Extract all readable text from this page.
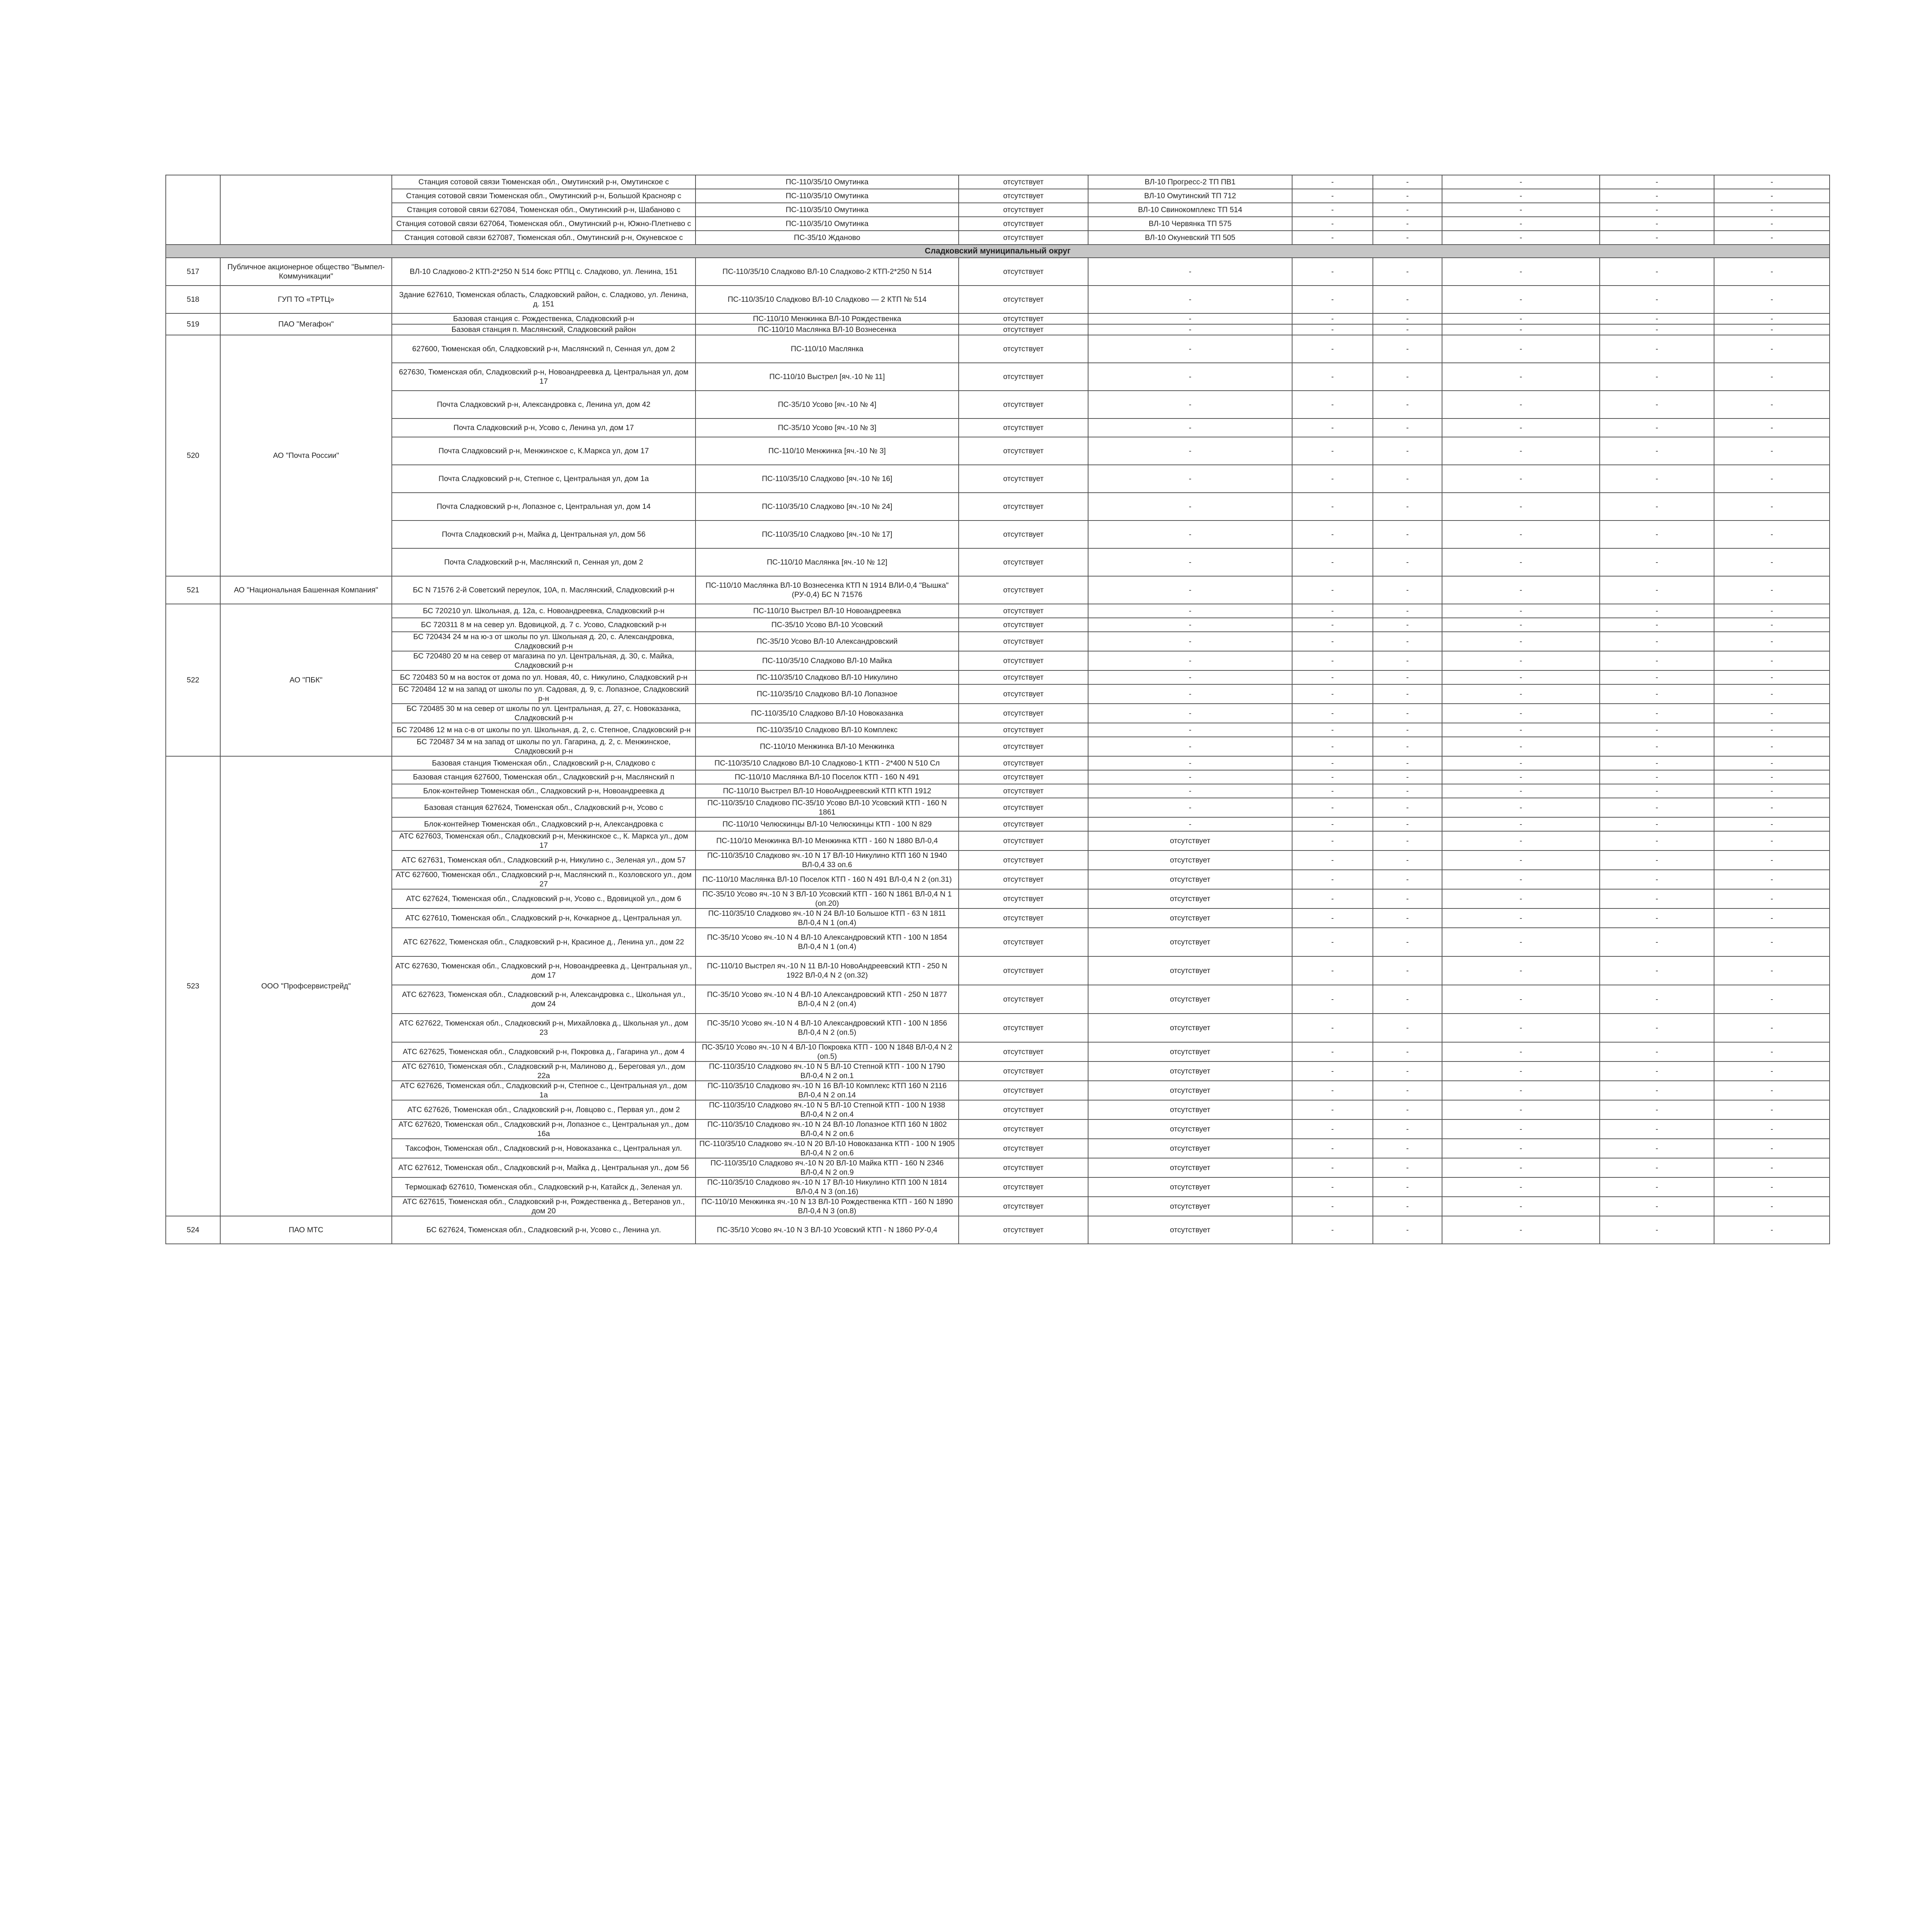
		Станция сотовой связи Тюменская обл., Омутинский р-н, Омутинское с	ПС-110/35/10 Омутинка	отсутствует	ВЛ-10 Прогресс-2 ТП ПВ1	-	-	-	-	-
		Станция сотовой связи Тюменская обл., Омутинский р-н, Большой Краснояр с	ПС-110/35/10 Омутинка	отсутствует	ВЛ-10 Омутинский ТП 712	-	-	-	-	-
		Станция сотовой связи 627084, Тюменская обл., Омутинский р-н, Шабаново с	ПС-110/35/10 Омутинка	отсутствует	ВЛ-10 Свинокомплекс ТП 514	-	-	-	-	-
		Станция сотовой связи 627064, Тюменская обл., Омутинский р-н, Южно-Плетнево с	ПС-110/35/10 Омутинка	отсутствует	ВЛ-10 Червянка ТП 575	-	-	-	-	-
		Станция сотовой связи 627087, Тюменская обл., Омутинский р-н, Окуневское с	ПС-35/10 Жданово	отсутствует	ВЛ-10 Окуневский ТП 505	-	-	-	-	-
Сладковский муниципальный округ										
517	Публичное акционерное общество "Вымпел-Коммуникации"	ВЛ-10 Сладково-2 КТП-2*250 N 514 бокс РТПЦ с. Сладково, ул. Ленина, 151	ПС-110/35/10 Сладково ВЛ-10 Сладково-2 КТП-2*250 N 514	отсутствует	-	-	-	-	-	-
518	ГУП ТО «ТРТЦ»	Здание 627610, Тюменская область, Сладковский район, с. Сладково, ул. Ленина, д. 151	ПС-110/35/10 Сладково ВЛ-10 Сладково — 2 КТП № 514	отсутствует	-	-	-	-	-	-
519	ПАО "Мегафон"	Базовая станция с. Рождественка, Сладковский р-н	ПС-110/10 Менжинка ВЛ-10 Рождественка	отсутствует	-	-	-	-	-	-
		Базовая станция п. Маслянский, Сладковский район	ПС-110/10 Маслянка ВЛ-10 Вознесенка	отсутствует	-	-	-	-	-	-
520	АО "Почта России"	627600, Тюменская обл, Сладковский р-н, Маслянский п, Сенная ул, дом 2	ПС-110/10 Маслянка	отсутствует	-	-	-	-	-	-
		627630, Тюменская обл, Сладковский р-н, Новоандреевка д, Центральная ул, дом 17	ПС-110/10 Выстрел [яч.-10 № 11]	отсутствует	-	-	-	-	-	-
		Почта Сладковский р-н, Александровка с, Ленина ул, дом 42	ПС-35/10 Усово [яч.-10 № 4]	отсутствует	-	-	-	-	-	-
		Почта Сладковский р-н, Усово с, Ленина ул, дом 17	ПС-35/10 Усово [яч.-10 № 3]	отсутствует	-	-	-	-	-	-
		Почта Сладковский р-н, Менжинское с, К.Маркса ул, дом 17	ПС-110/10 Менжинка [яч.-10 № 3]	отсутствует	-	-	-	-	-	-
		Почта Сладковский р-н, Степное с, Центральная ул, дом 1а	ПС-110/35/10 Сладково [яч.-10 № 16]	отсутствует	-	-	-	-	-	-
		Почта Сладковский р-н, Лопазное с, Центральная ул, дом 14	ПС-110/35/10 Сладково [яч.-10 № 24]	отсутствует	-	-	-	-	-	-
		Почта Сладковский р-н, Майка д, Центральная ул, дом 56	ПС-110/35/10 Сладково [яч.-10 № 17]	отсутствует	-	-	-	-	-	-
		Почта Сладковский р-н, Маслянский п, Сенная ул, дом 2	ПС-110/10 Маслянка [яч.-10 № 12]	отсутствует	-	-	-	-	-	-
521	АО "Национальная Башенная Компания"	БС N 71576 2-й Советский переулок, 10А, п. Маслянский, Сладковский р-н	ПС-110/10 Маслянка ВЛ-10 Вознесенка КТП N 1914 ВЛИ-0,4 "Вышка" (РУ-0,4) БС N 71576	отсутствует	-	-	-	-	-	-
522	АО "ПБК"	БС 720210 ул. Школьная, д. 12а, с. Новоандреевка, Сладковский р-н	ПС-110/10 Выстрел ВЛ-10 Новоандреевка	отсутствует	-	-	-	-	-	-
		БС 720311 8 м на север ул. Вдовицкой, д. 7 с. Усово, Сладковский р-н	ПС-35/10 Усово ВЛ-10 Усовский	отсутствует	-	-	-	-	-	-
		БС 720434 24 м на ю-з от школы по ул. Школьная д. 20, с. Александровка, Сладковский р-н	ПС-35/10 Усово ВЛ-10 Александровский	отсутствует	-	-	-	-	-	-
		БС 720480 20 м на север от магазина по ул. Центральная, д. 30, с. Майка, Сладковский р-н	ПС-110/35/10 Сладково ВЛ-10 Майка	отсутствует	-	-	-	-	-	-
		БС 720483 50 м на восток от дома по ул. Новая, 40, с. Никулино, Сладковский р-н	ПС-110/35/10 Сладково ВЛ-10 Никулино	отсутствует	-	-	-	-	-	-
		БС 720484 12 м на запад от школы по ул. Садовая, д. 9, с. Лопазное, Сладковский р-н	ПС-110/35/10 Сладково ВЛ-10 Лопазное	отсутствует	-	-	-	-	-	-
		БС 720485 30 м на север от школы по ул. Центральная, д. 27, с. Новоказанка, Сладковский р-н	ПС-110/35/10 Сладково ВЛ-10 Новоказанка	отсутствует	-	-	-	-	-	-
		БС 720486 12 м на с-в от школы по ул. Школьная, д. 2, с. Степное, Сладковский р-н	ПС-110/35/10 Сладково ВЛ-10 Комплекс	отсутствует	-	-	-	-	-	-
		БС 720487 34 м на запад от школы по ул. Гагарина, д. 2, с. Менжинское, Сладковский р-н	ПС-110/10 Менжинка ВЛ-10 Менжинка	отсутствует	-	-	-	-	-	-
523	ООО "Профсервистрейд"	Базовая станция Тюменская обл., Сладковский р-н, Сладково с	ПС-110/35/10 Сладково ВЛ-10 Сладково-1 КТП - 2*400 N 510 Сл	отсутствует	-	-	-	-	-	-
		Базовая станция 627600, Тюменская обл., Сладковский р-н, Маслянский п	ПС-110/10 Маслянка ВЛ-10 Поселок КТП - 160 N 491	отсутствует	-	-	-	-	-	-
		Блок-контейнер Тюменская обл., Сладковский р-н, Новоандреевка д	ПС-110/10 Выстрел ВЛ-10 НовоАндреевский КТП КТП 1912	отсутствует	-	-	-	-	-	-
		Базовая станция 627624, Тюменская обл., Сладковский р-н, Усово с	ПС-110/35/10 Сладково ПС-35/10 Усово ВЛ-10 Усовский КТП - 160 N 1861	отсутствует	-	-	-	-	-	-
		Блок-контейнер Тюменская обл., Сладковский р-н, Александровка с	ПС-110/10 Челюскинцы ВЛ-10 Челюскинцы КТП - 100 N 829	отсутствует	-	-	-	-	-	-
		АТС 627603, Тюменская обл., Сладковский р-н, Менжинское с., К. Маркса ул., дом 17	ПС-110/10 Менжинка ВЛ-10 Менжинка КТП - 160 N 1880 ВЛ-0,4	отсутствует	отсутствует	-	-	-	-	-
		АТС 627631, Тюменская обл., Сладковский р-н, Никулино с., Зеленая ул., дом 57	ПС-110/35/10 Сладково яч.-10 N 17 ВЛ-10 Никулино КТП 160 N 1940 ВЛ-0,4 33 оп.6	отсутствует	отсутствует	-	-	-	-	-
		АТС 627600, Тюменская обл., Сладковский р-н, Маслянский п., Козловского ул., дом 27	ПС-110/10 Маслянка ВЛ-10 Поселок КТП - 160 N 491 ВЛ-0,4 N 2 (оп.31)	отсутствует	отсутствует	-	-	-	-	-
		АТС 627624, Тюменская обл., Сладковский р-н, Усово с., Вдовицкой ул., дом 6	ПС-35/10 Усово яч.-10 N 3 ВЛ-10 Усовский КТП - 160 N 1861 ВЛ-0,4 N 1 (оп.20)	отсутствует	отсутствует	-	-	-	-	-
		АТС 627610, Тюменская обл., Сладковский р-н, Кочкарное д., Центральная ул.	ПС-110/35/10 Сладково яч.-10 N 24 ВЛ-10 Большое КТП - 63 N 1811 ВЛ-0,4 N 1 (оп.4)	отсутствует	отсутствует	-	-	-	-	-
		АТС 627622, Тюменская обл., Сладковский р-н, Красиное д., Ленина ул., дом 22	ПС-35/10 Усово яч.-10 N 4 ВЛ-10 Александровский КТП - 100 N 1854 ВЛ-0,4 N 1 (оп.4)	отсутствует	отсутствует	-	-	-	-	-
		АТС 627630, Тюменская обл., Сладковский р-н, Новоандреевка д., Центральная ул., дом 17	ПС-110/10 Выстрел яч.-10 N 11 ВЛ-10 НовоАндреевский КТП - 250 N 1922 ВЛ-0,4 N 2 (оп.32)	отсутствует	отсутствует	-	-	-	-	-
		АТС 627623, Тюменская обл., Сладковский р-н, Александровка с., Школьная ул., дом 24	ПС-35/10 Усово яч.-10 N 4 ВЛ-10 Александровский КТП - 250 N 1877 ВЛ-0,4 N 2 (оп.4)	отсутствует	отсутствует	-	-	-	-	-
		АТС 627622, Тюменская обл., Сладковский р-н, Михайловка д., Школьная ул., дом 23	ПС-35/10 Усово яч.-10 N 4 ВЛ-10 Александровский КТП - 100 N 1856 ВЛ-0,4 N 2 (оп.5)	отсутствует	отсутствует	-	-	-	-	-
		АТС 627625, Тюменская обл., Сладковский р-н, Покровка д., Гагарина ул., дом 4	ПС-35/10 Усово яч.-10 N 4 ВЛ-10 Покровка КТП - 100 N 1848 ВЛ-0,4 N 2 (оп.5)	отсутствует	отсутствует	-	-	-	-	-
		АТС 627610, Тюменская обл., Сладковский р-н, Малиново д., Береговая ул., дом 22а	ПС-110/35/10 Сладково яч.-10 N 5 ВЛ-10 Степной КТП - 100 N 1790 ВЛ-0,4 N 2 оп.1	отсутствует	отсутствует	-	-	-	-	-
		АТС 627626, Тюменская обл., Сладковский р-н, Степное с., Центральная ул., дом 1а	ПС-110/35/10 Сладково яч.-10 N 16 ВЛ-10 Комплекс КТП 160 N 2116 ВЛ-0,4 N 2 оп.14	отсутствует	отсутствует	-	-	-	-	-
		АТС 627626, Тюменская обл., Сладковский р-н, Ловцово с., Первая ул., дом 2	ПС-110/35/10 Сладково яч.-10 N 5 ВЛ-10 Степной КТП - 100 N 1938 ВЛ-0,4 N 2 оп.4	отсутствует	отсутствует	-	-	-	-	-
		АТС 627620, Тюменская обл., Сладковский р-н, Лопазное с., Центральная ул., дом 16а	ПС-110/35/10 Сладково яч.-10 N 24 ВЛ-10 Лопазное КТП 160 N 1802 ВЛ-0,4 N 2 оп.6	отсутствует	отсутствует	-	-	-	-	-
		Таксофон, Тюменская обл., Сладковский р-н, Новоказанка с., Центральная ул.	ПС-110/35/10 Сладково яч.-10 N 20 ВЛ-10 Новоказанка КТП - 100 N 1905 ВЛ-0,4 N 2 оп.6	отсутствует	отсутствует	-	-	-	-	-
		АТС 627612, Тюменская обл., Сладковский р-н, Майка д., Центральная ул., дом 56	ПС-110/35/10 Сладково яч.-10 N 20 ВЛ-10 Майка КТП - 160 N 2346 ВЛ-0,4 N 2 оп.9	отсутствует	отсутствует	-	-	-	-	-
		Термошкаф 627610, Тюменская обл., Сладковский р-н, Катайск д., Зеленая ул.	ПС-110/35/10 Сладково яч.-10 N 17 ВЛ-10 Никулино КТП 100 N 1814 ВЛ-0,4 N 3 (оп.16)	отсутствует	отсутствует	-	-	-	-	-
		АТС 627615, Тюменская обл., Сладковский р-н, Рождественка д., Ветеранов ул., дом 20	ПС-110/10 Менжинка яч.-10 N 13 ВЛ-10 Рождественка КТП - 160 N 1890 ВЛ-0,4 N 3 (оп.8)	отсутствует	отсутствует	-	-	-	-	-
524	ПАО МТС	БС 627624, Тюменская обл., Сладковский р-н, Усово с., Ленина ул.	ПС-35/10 Усово яч.-10 N 3 ВЛ-10 Усовский КТП - N 1860 РУ-0,4	отсутствует	отсутствует	-	-	-	-	-
